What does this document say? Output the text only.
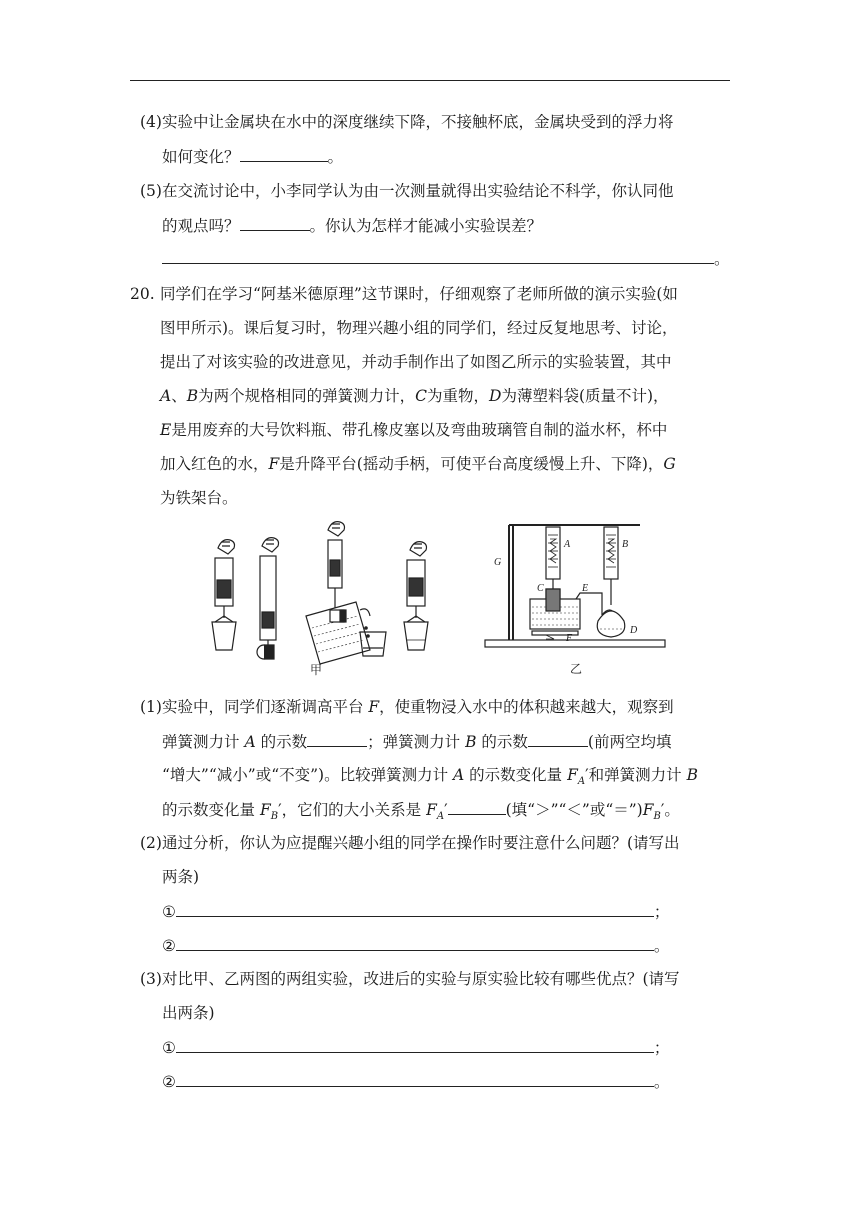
(4)实验中让金属块在水中的深度继续下降，不接触杯底，金属块受到的浮力将
如何变化？	。
(5)在交流讨论中，小李同学认为由一次测量就得出实验结论不科学，你认同他
的观点吗？	。你认为怎样才能减小实验误差？
。
20. 同学们在学习“阿基米德原理”这节课时，仔细观察了老师所做的演示实验(如
图甲所示)。课后复习时，物理兴趣小组的同学们，经过反复地思考、讨论，
提出了对该实验的改进意见，并动手制作出了如图乙所示的实验装置，其中
A、B为两个规格相同的弹簧测力计，C为重物，D为薄塑料袋(质量不计)，
E是用废弃的大号饮料瓶、带孔橡皮塞以及弯曲玻璃管自制的溢水杯，杯中
加入红色的水，F是升降平台(摇动手柄，可使平台高度缓慢上升、下降)，G
为铁架台。
甲
G
A	B
C	E
F
D
乙
(1)实验中，同学们逐渐调高平台 F，使重物浸入水中的体积越来越大，观察到
弹簧测力计 A 的示数	；弹簧测力计 B 的示数	(前两空均填
“增大”“减小”或“不变”)。比较弹簧测力计 A 的示数变化量 $F_A'$和弹簧测力计 B
的示数变化量 $F_B'$，它们的大小关系是 $F_A'$	(填“＞”“＜”或“$=”)F_B'$。
(2)通过分析，你认为应提醒兴趣小组的同学在操作时要注意什么问题？(请写出
两条)
①	；
②	。
(3)对比甲、乙两图的两组实验，改进后的实验与原实验比较有哪些优点？(请写
出两条)
①	；
②	。
